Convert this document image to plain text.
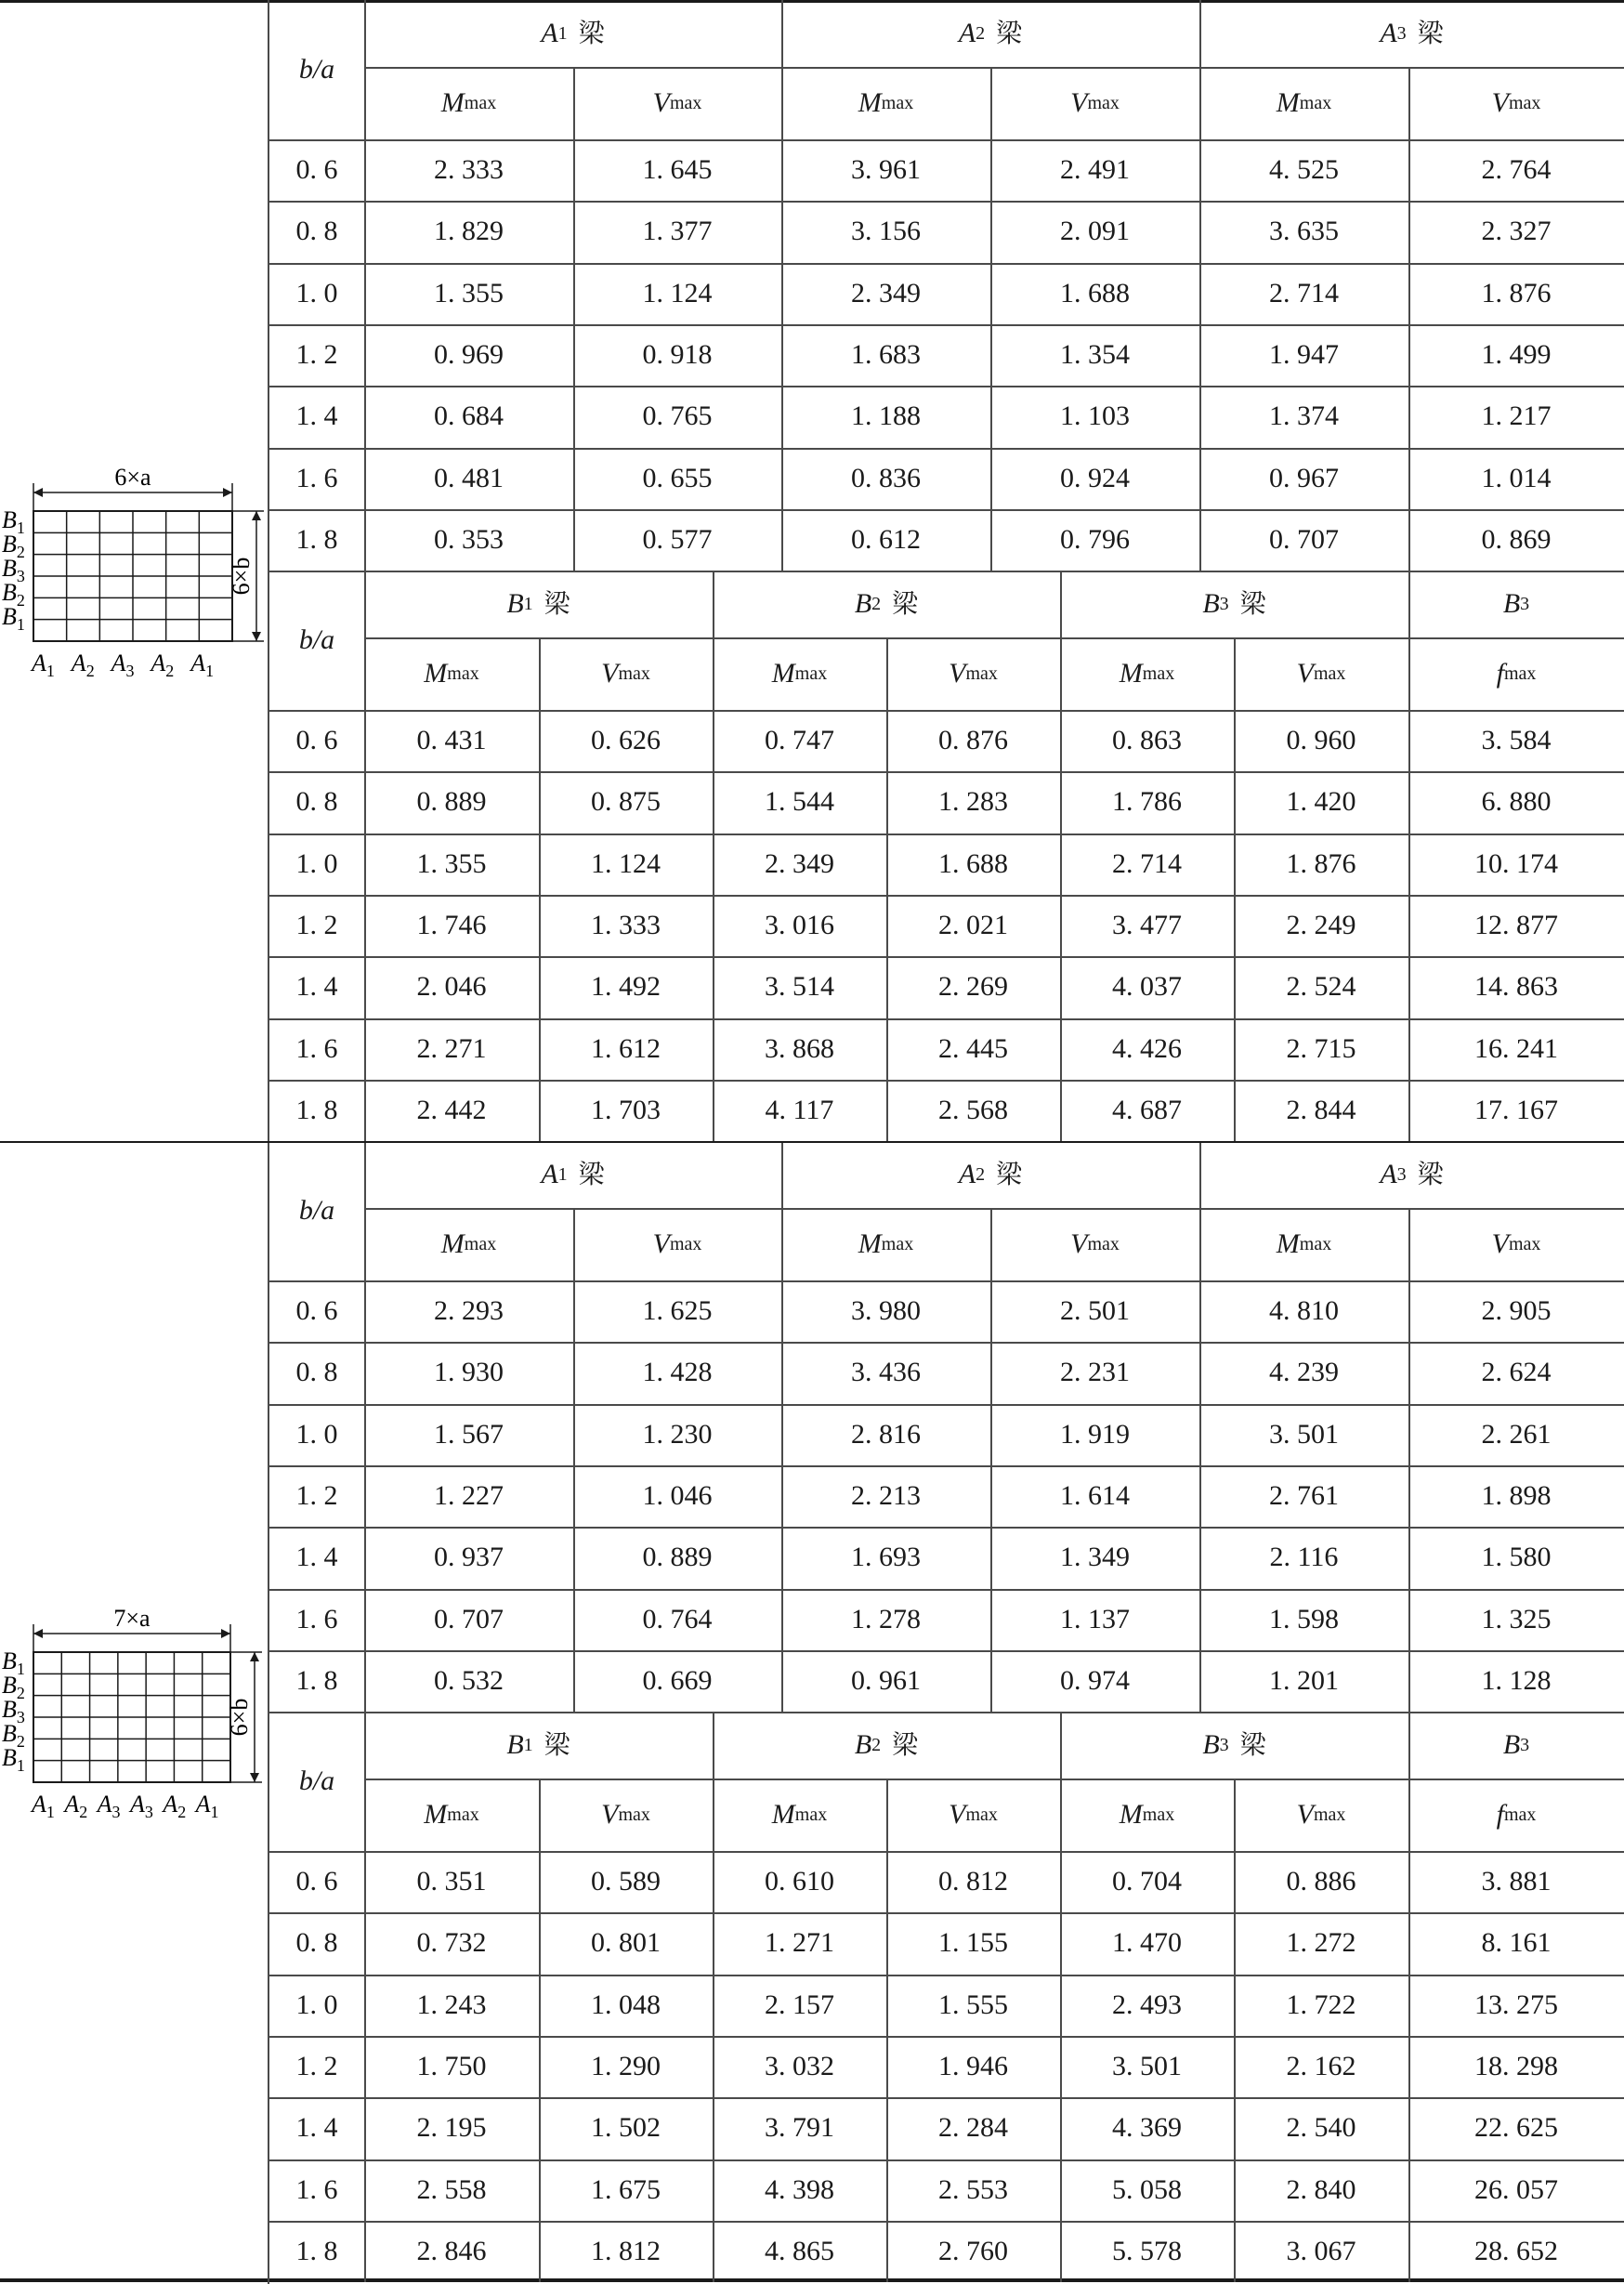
b/a
A 1 梁	A 2 梁	A 3 梁
M max	V max	M max	V max	M max	V max
0. 6	2. 333	1. 645	3. 961	2. 491	4. 525	2. 764
0. 8	1. 829	1. 377	3. 156	2. 091	3. 635	2. 327
1. 0	1. 355	1. 124	2. 349	1. 688	2. 714	1. 876
1. 2	0. 969	0. 918	1. 683	1. 354	1. 947	1. 499
1. 4	0. 684	0. 765	1. 188	1. 103	1. 374	1. 217
1. 6	0. 481	0. 655	0. 836	0. 924	0. 967	1. 014
1. 8	0. 353	0. 577	0. 612	0. 796	0. 707	0. 869
b/a
B 1 梁	B 2 梁	B 3 梁	B 3
M max	V max	M max	V max	M max	V max	f max
0. 6	0. 431	0. 626	0. 747	0. 876	0. 863	0. 960	3. 584
0. 8	0. 889	0. 875	1. 544	1. 283	1. 786	1. 420	6. 880
1. 0	1. 355	1. 124	2. 349	1. 688	2. 714	1. 876	10. 174
1. 2	1. 746	1. 333	3. 016	2. 021	3. 477	2. 249	12. 877
1. 4	2. 046	1. 492	3. 514	2. 269	4. 037	2. 524	14. 863
1. 6	2. 271	1. 612	3. 868	2. 445	4. 426	2. 715	16. 241
1. 8	2. 442	1. 703	4. 117	2. 568	4. 687	2. 844	17. 167
6×a
6×b
$B_1$
$B_2$
$B_3$
$B_2$
$B_1$
$A_1$ $A_2$ $A_3$ $A_2$ $A_1$
b/a
A 1 梁	A 2 梁	A 3 梁
M max	V max	M max	V max	M max	V max
0. 6	2. 293	1. 625	3. 980	2. 501	4. 810	2. 905
0. 8	1. 930	1. 428	3. 436	2. 231	4. 239	2. 624
1. 0	1. 567	1. 230	2. 816	1. 919	3. 501	2. 261
1. 2	1. 227	1. 046	2. 213	1. 614	2. 761	1. 898
1. 4	0. 937	0. 889	1. 693	1. 349	2. 116	1. 580
1. 6	0. 707	0. 764	1. 278	1. 137	1. 598	1. 325
1. 8	0. 532	0. 669	0. 961	0. 974	1. 201	1. 128
b/a
B 1 梁	B 2 梁	B 3 梁	B 3
M max	V max	M max	V max	M max	V max	f max
0. 6	0. 351	0. 589	0. 610	0. 812	0. 704	0. 886	3. 881
0. 8	0. 732	0. 801	1. 271	1. 155	1. 470	1. 272	8. 161
1. 0	1. 243	1. 048	2. 157	1. 555	2. 493	1. 722	13. 275
1. 2	1. 750	1. 290	3. 032	1. 946	3. 501	2. 162	18. 298
1. 4	2. 195	1. 502	3. 791	2. 284	4. 369	2. 540	22. 625
1. 6	2. 558	1. 675	4. 398	2. 553	5. 058	2. 840	26. 057
1. 8	2. 846	1. 812	4. 865	2. 760	5. 578	3. 067	28. 652
7×a
6×b
$B_1$
$B_2$
$B_3$
$B_2$
$B_1$
$A_1$ $A_2$ $A_3$ $A_3$ $A_2$ $A_1$
